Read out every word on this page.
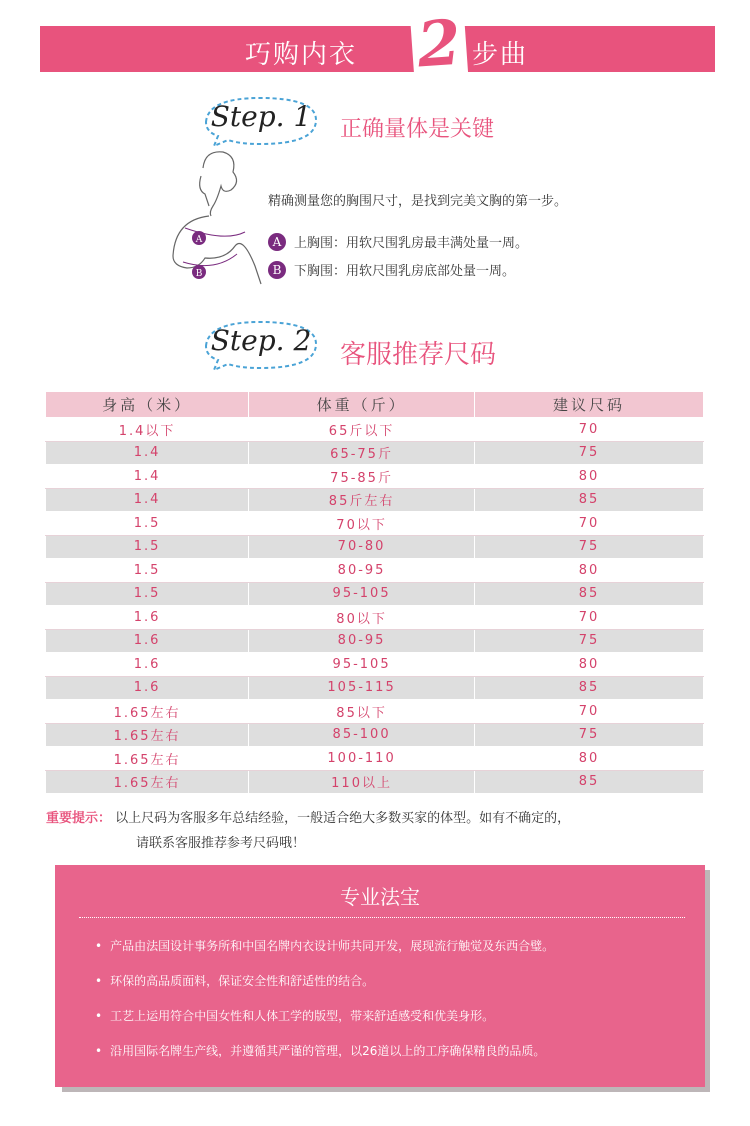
巧购内衣 2 步曲
Step. 1	正确量体是关键
A
B
精确测量您的胸围尺寸，是找到完美文胸的第一步。
A 上胸围：用软尺围乳房最丰满处量一周。
B 下胸围：用软尺围乳房底部处量一周。
Step. 2	客服推荐尺码
身高（米）	体重（斤）	建议尺码
1.4以下	65斤以下	70
1.4	65-75斤	75
1.4	75-85斤	80
1.4	85斤左右	85
1.5	70以下	70
1.5	70-80	75
1.5	80-95	80
1.5	95-105	85
1.6	80以下	70
1.6	80-95	75
1.6	95-105	80
1.6	105-115	85
1.65左右	85以下	70
1.65左右	85-100	75
1.65左右	100-110	80
1.65左右	110以上	85
重要提示： 以上尺码为客服多年总结经验，一般适合绝大多数买家的体型。如有不确定的，
请联系客服推荐参考尺码哦！
专业法宝
• 产品由法国设计事务所和中国名牌内衣设计师共同开发，展现流行触觉及东西合璧。
• 环保的高品质面料，保证安全性和舒适性的结合。
• 工艺上运用符合中国女性和人体工学的版型，带来舒适感受和优美身形。
• 沿用国际名牌生产线，并遵循其严谨的管理，以26道以上的工序确保精良的品质。
